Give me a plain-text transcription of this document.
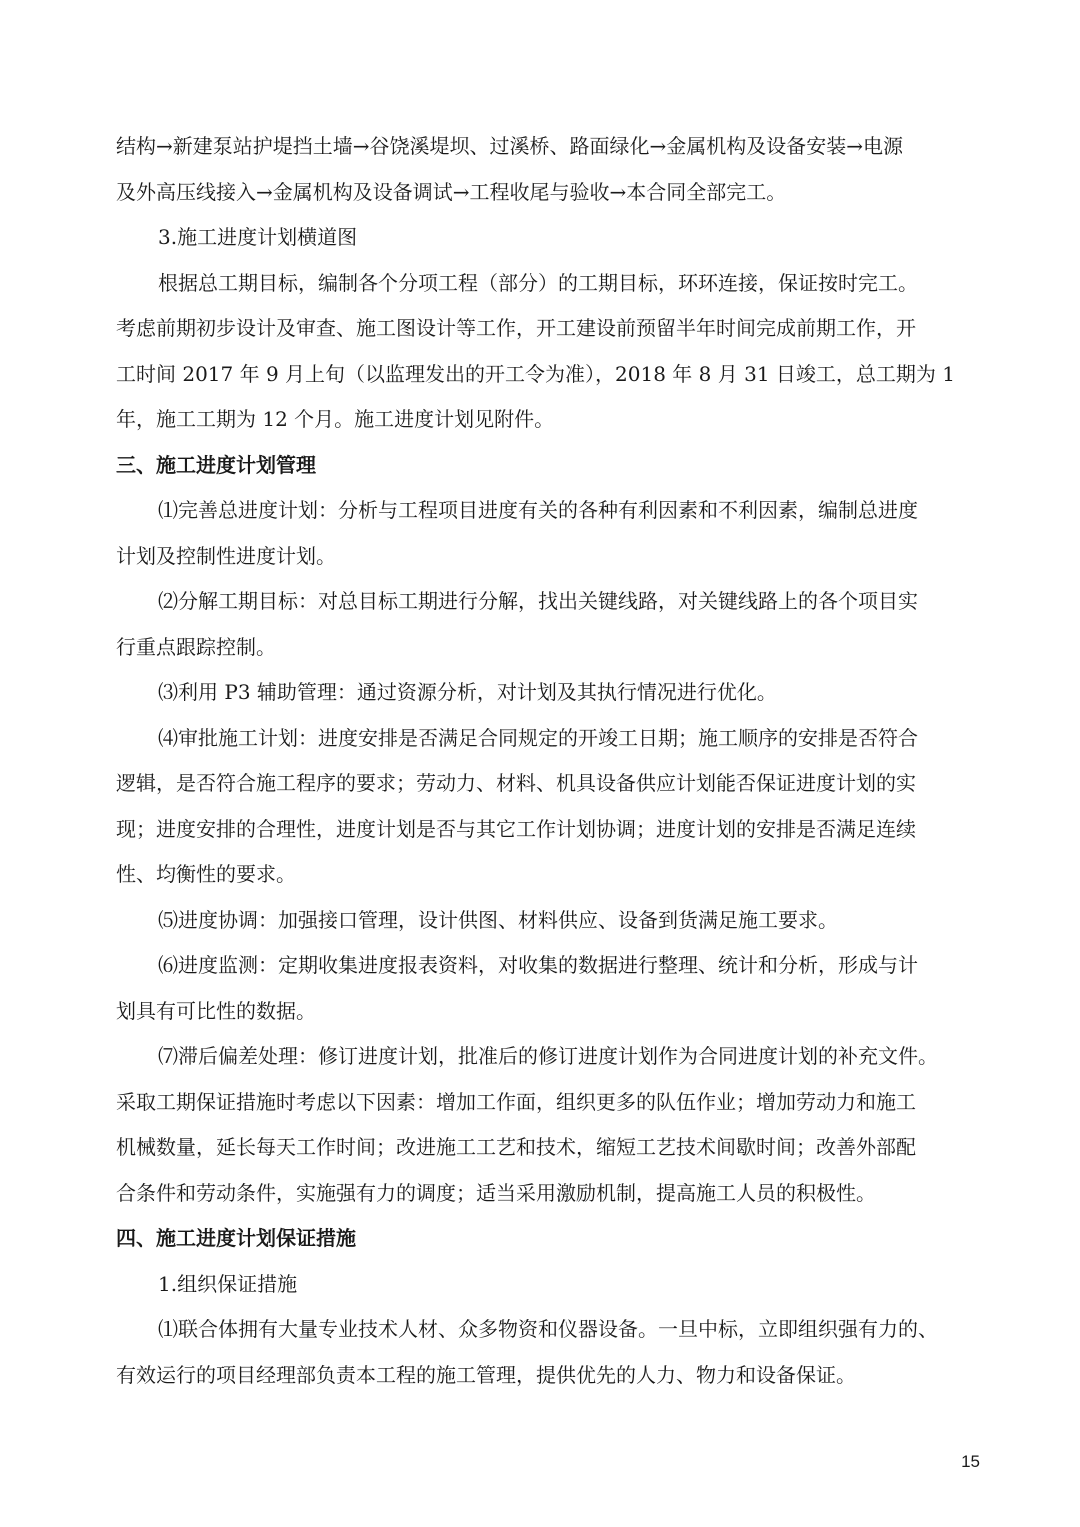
结构→新建泵站护堤挡土墙→谷饶溪堤坝、过溪桥、路面绿化→金属机构及设备安装→电源
及外高压线接入→金属机构及设备调试→工程收尾与验收→本合同全部完工。
3.施工进度计划横道图
根据总工期目标，编制各个分项工程（部分）的工期目标，环环连接，保证按时完工。
考虑前期初步设计及审查、施工图设计等工作，开工建设前预留半年时间完成前期工作，开
工时间 2017 年 9 月上旬（以监理发出的开工令为准），2018 年 8 月 31 日竣工，总工期为 1
年，施工工期为 12 个月。施工进度计划见附件。
三、施工进度计划管理
⑴完善总进度计划：分析与工程项目进度有关的各种有利因素和不利因素，编制总进度
计划及控制性进度计划。
⑵分解工期目标：对总目标工期进行分解，找出关键线路，对关键线路上的各个项目实
行重点跟踪控制。
⑶利用 P3 辅助管理：通过资源分析，对计划及其执行情况进行优化。
⑷审批施工计划：进度安排是否满足合同规定的开竣工日期；施工顺序的安排是否符合
逻辑，是否符合施工程序的要求；劳动力、材料、机具设备供应计划能否保证进度计划的实
现；进度安排的合理性，进度计划是否与其它工作计划协调；进度计划的安排是否满足连续
性、均衡性的要求。
⑸进度协调：加强接口管理，设计供图、材料供应、设备到货满足施工要求。
⑹进度监测：定期收集进度报表资料，对收集的数据进行整理、统计和分析，形成与计
划具有可比性的数据。
⑺滞后偏差处理：修订进度计划，批准后的修订进度计划作为合同进度计划的补充文件。
采取工期保证措施时考虑以下因素：增加工作面，组织更多的队伍作业；增加劳动力和施工
机械数量，延长每天工作时间；改进施工工艺和技术，缩短工艺技术间歇时间；改善外部配
合条件和劳动条件，实施强有力的调度；适当采用激励机制，提高施工人员的积极性。
四、施工进度计划保证措施
1.组织保证措施
⑴联合体拥有大量专业技术人材、众多物资和仪器设备。一旦中标，立即组织强有力的、
有效运行的项目经理部负责本工程的施工管理，提供优先的人力、物力和设备保证。
15
